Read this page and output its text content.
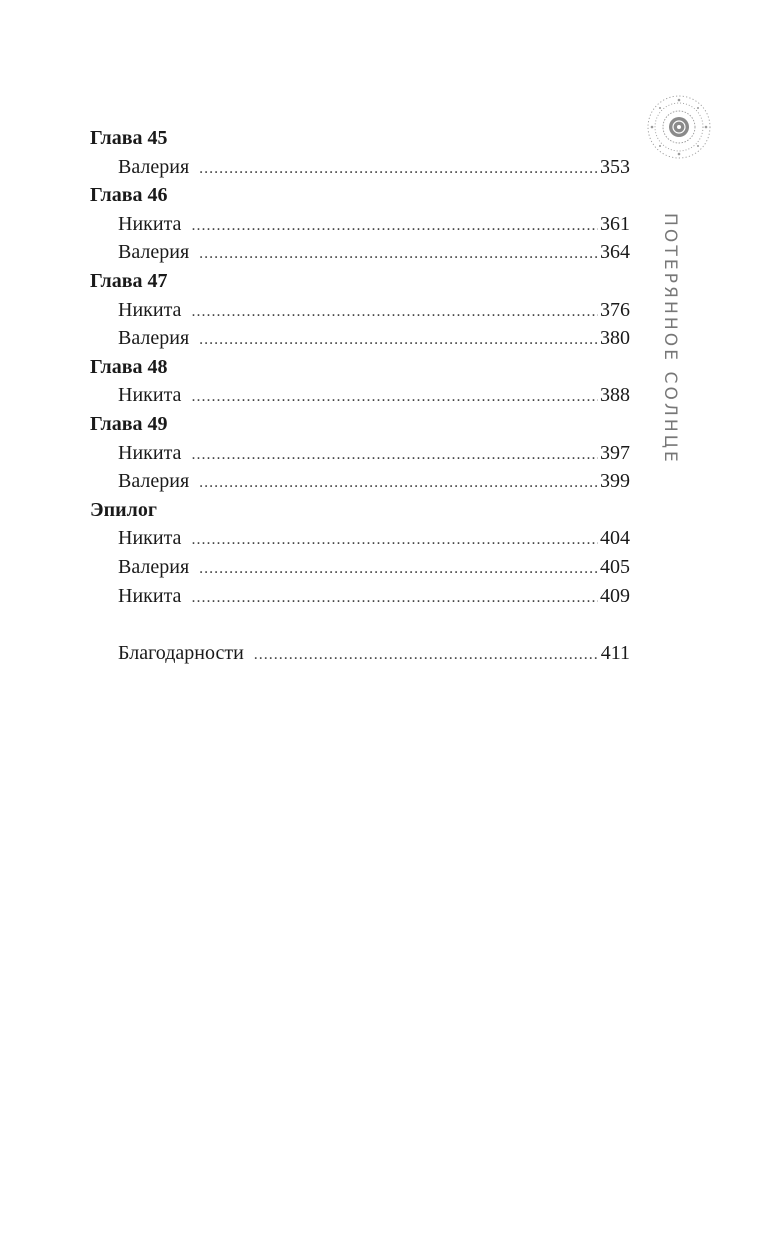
ПОТЕРЯННОЕ СОЛНЦЕ
Глава 45
Валерия .....	353
Глава 46
Никита .....	361
Валерия .....	364
Глава 47
Никита .....	376
Валерия .....	380
Глава 48
Никита .....	388
Глава 49
Никита .....	397
Валерия .....	399
Эпилог
Никита .....	404
Валерия .....	405
Никита .....	409
Благодарности .....	411
